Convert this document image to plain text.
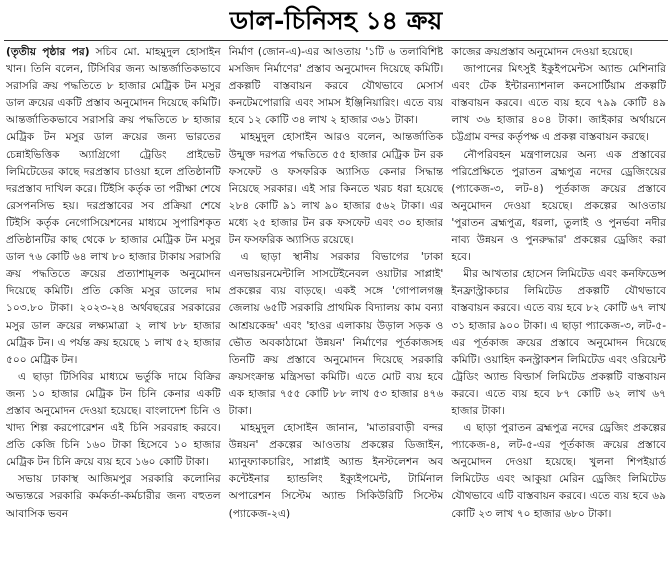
ডাল-চিনিসহ ১৪ ক্রয়

(তৃতীয় পৃষ্ঠার পর) সচিব মো. মাহমুদুল হোসাইন খান। তিনি বলেন, টিসিবির জন্য আন্তর্জাতিকভাবে সরাসরি ক্রয় পদ্ধতিতে ৮ হাজার মেট্রিক টন মসুর ডাল ক্রয়ের একটি প্রস্তাব অনুমোদন দিয়েছে কমিটি। আন্তর্জাতিকভাবে সরাসরি ক্রয় পদ্ধতিতে ৮ হাজার মেট্রিক টন মসুর ডাল ক্রয়ের জন্য ভারতের চেন্নাইভিত্তিক অ্যাগ্রিগো ট্রেডিং প্রাইভেট লিমিটেডের কাছে দরপ্রস্তাব চাওয়া হলে প্রতিষ্ঠানটি দরপ্রস্তাব দাখিল করে। টিইসি কর্তৃক তা পরীক্ষা শেষে রেসপনসিভ হয়। দরপ্রস্তাবের সব প্রক্রিয়া শেষে টিইসি কর্তৃক নেগোসিয়েশনের মাধ্যমে সুপারিশকৃত প্রতিষ্ঠানটির কাছ থেকে ৮ হাজার মেট্রিক টন মসুর ডাল ৭৬ কোটি ৬৪ লাখ ৮০ হাজার টাকায় সরাসরি ক্রয় পদ্ধতিতে ক্রয়ের প্রত্যাশামূলক অনুমোদন দিয়েছে কমিটি। প্রতি কেজি মসুর ডালের দাম ১০৩.৮০ টাকা। ২০২৩-২৪ অর্থবছরের সরকারের মসুর ডাল ক্রয়ের লক্ষ্যমাত্রা ২ লাখ ৮৮ হাজার মেট্রিক টন। এ পর্যন্ত ক্রয় হয়েছে ১ লাখ ৫২ হাজার ৫০০ মেট্রিক টন।

এ ছাড়া টিসিবির মাধ্যমে ভর্তুকি দামে বিক্রির জন্য ১০ হাজার মেট্রিক টন চিনি কেনার একটি প্রস্তাব অনুমোদন দেওয়া হয়েছে। বাংলাদেশ চিনি ও খাদ্য শিল্প করপোরেশন এই চিনি সরবরাহ করবে। প্রতি কেজি চিনি ১৬০ টাকা হিসেবে ১০ হাজার মেট্রিক টন চিনি ক্রয়ে ব্যয় হবে ১৬০ কোটি টাকা।

সভায় ঢাকাস্থ আজিমপুর সরকারি কলোনির অভ্যন্তরে সরকারি কর্মকর্তা-কর্মচারীর জন্য বহুতল আবাসিক ভবন

নির্মাণ (জোন-এ)-এর আওতায় '১টি ৬ তলাবিশিষ্ট মসজিদ নির্মাণের' প্রস্তাব অনুমোদন দিয়েছে কমিটি। প্রকল্পটি বাস্তবায়ন করবে যৌথভাবে মেসার্স কনটেমপোরারি এবং সামস ইঞ্জিনিয়ারিং। এতে ব্যয় হবে ১২ কোটি ৩৪ লাখ ২ হাজার ৩৬১ টাকা।

মাহমুদুল হোসাইন আরও বলেন, আন্তর্জাতিক উন্মুক্ত দরপত্র পদ্ধতিতে ৫৫ হাজার মেট্রিক টন রক ফসফেট ও ফসফরিক অ্যাসিড কেনার সিদ্ধান্ত নিয়েছে সরকার। এই সার কিনতে খরচ ধরা হয়েছে ২৮৪ কোটি ৯১ লাখ ৯০ হাজার ৫৬২ টাকা। এর মধ্যে ২৫ হাজার টন রক ফসফেট এবং ৩০ হাজার টন ফসফরিক অ্যাসিড রয়েছে।

এ ছাড়া স্থানীয় সরকার বিভাগের 'ঢাকা এনভায়রনমেন্টালি সাসটেইনেবল ওয়াটার সাপ্লাই' প্রকল্পের ব্যয় বাড়ছে। একই সঙ্গে 'গোপালগঞ্জ জেলায় ৬৫টি সরকারি প্রাথমিক বিদ্যালয় কাম বন্যা আশ্রয়কেন্দ্র' এবং 'হাওর এলাকায় উড়াল সড়ক ও ভৌত অবকাঠামো উন্নয়ন' নির্মাণের পূর্তকাজসহ তিনটি ক্রয় প্রস্তাবে অনুমোদন দিয়েছে সরকারি ক্রয়সংক্রান্ত মন্ত্রিসভা কমিটি। এতে মোট ব্যয় হবে এক হাজার ৭৫৫ কোটি ৮৮ লাখ ৫৩ হাজার ৪৭৬ টাকা।

মাহমুদুল হোসাইন জানান, 'মাতারবাড়ী বন্দর উন্নয়ন' প্রকল্পের আওতায় প্রকল্পের ডিজাইন, ম্যানুফ্যাকচারিং, সাপ্লাই অ্যান্ড ইনস্টলেশন অব কন্টেইনার হ্যান্ডলিং ইক্যুইপমেন্ট, টার্মিনাল অপারেশন সিস্টেম অ্যান্ড সিকিউরিটি সিস্টেম (প্যাকেজ-২এ)

কাজের ক্রয়প্রস্তাব অনুমোদন দেওয়া হয়েছে।

জাপানের মিৎসুই ইকুইপমেন্টস অ্যান্ড মেশিনারি এবং টেক ইন্টারন্যাশনাল কনসোর্টিয়াম প্রকল্পটি বাস্তবায়ন করবে। এতে ব্যয় হবে ৭৯৯ কোটি ৪৯ লাখ ৩৬ হাজার ৪০৪ টাকা। জাইকার অর্থায়নে চট্টগ্রাম বন্দর কর্তৃপক্ষ এ প্রকল্প বাস্তবায়ন করছে।

নৌপরিবহন মন্ত্রণালয়ের অন্য এক প্রস্তাবের পরিপ্রেক্ষিতে পুরাতন ব্রহ্মপুত্র নদের ড্রেজিংয়ের (প্যাকেজ-৩, লট-৪) পূর্তকাজ ক্রয়ের প্রস্তাবে অনুমোদন দেওয়া হয়েছে। প্রকল্পের আওতায় 'পুরাতন ব্রহ্মপুত্র, ধরলা, তুলাই ও পুনর্ভবা নদীর নাব্য উন্নয়ন ও পুনরুদ্ধার' প্রকল্পের ড্রেজিং করা হবে।

মীর আখতার হোসেন লিমিটেড এবং কনফিডেন্স ইনফ্রাস্ট্রাকচার লিমিটেড প্রকল্পটি যৌথভাবে বাস্তবায়ন করবে। এতে ব্যয় হবে ৮২ কোটি ৬৭ লাখ ৩১ হাজার ৯০০ টাকা। এ ছাড়া প্যাকেজ-৩, লট-৫-এর পূর্তকাজ ক্রয়ের প্রস্তাবে অনুমোদন দিয়েছে কমিটি। ওয়াহিদ কনস্ট্রাকশন লিমিটেড এবং ওরিয়েন্ট ট্রেডিং অ্যান্ড বিল্ডার্স লিমিটেড প্রকল্পটি বাস্তবায়ন করবে। এতে ব্যয় হবে ৮৭ কোটি ৬২ লাখ ৬৭ হাজার টাকা।

এ ছাড়া পুরাতন ব্রহ্মপুত্র নদের ড্রেজিং প্রকল্পের প্যাকেজ-৪, লট-৫-এর পূর্তকাজ ক্রয়ের প্রস্তাবে অনুমোদন দেওয়া হয়েছে। খুলনা শিপইয়ার্ড লিমিটেড এবং আকুয়া মেরিন ড্রেজিং লিমিটেড যৌথভাবে এটি বাস্তবায়ন করবে। এতে ব্যয় হবে ৬৯ কোটি ২৩ লাখ ৭০ হাজার ৬৮০ টাকা।
